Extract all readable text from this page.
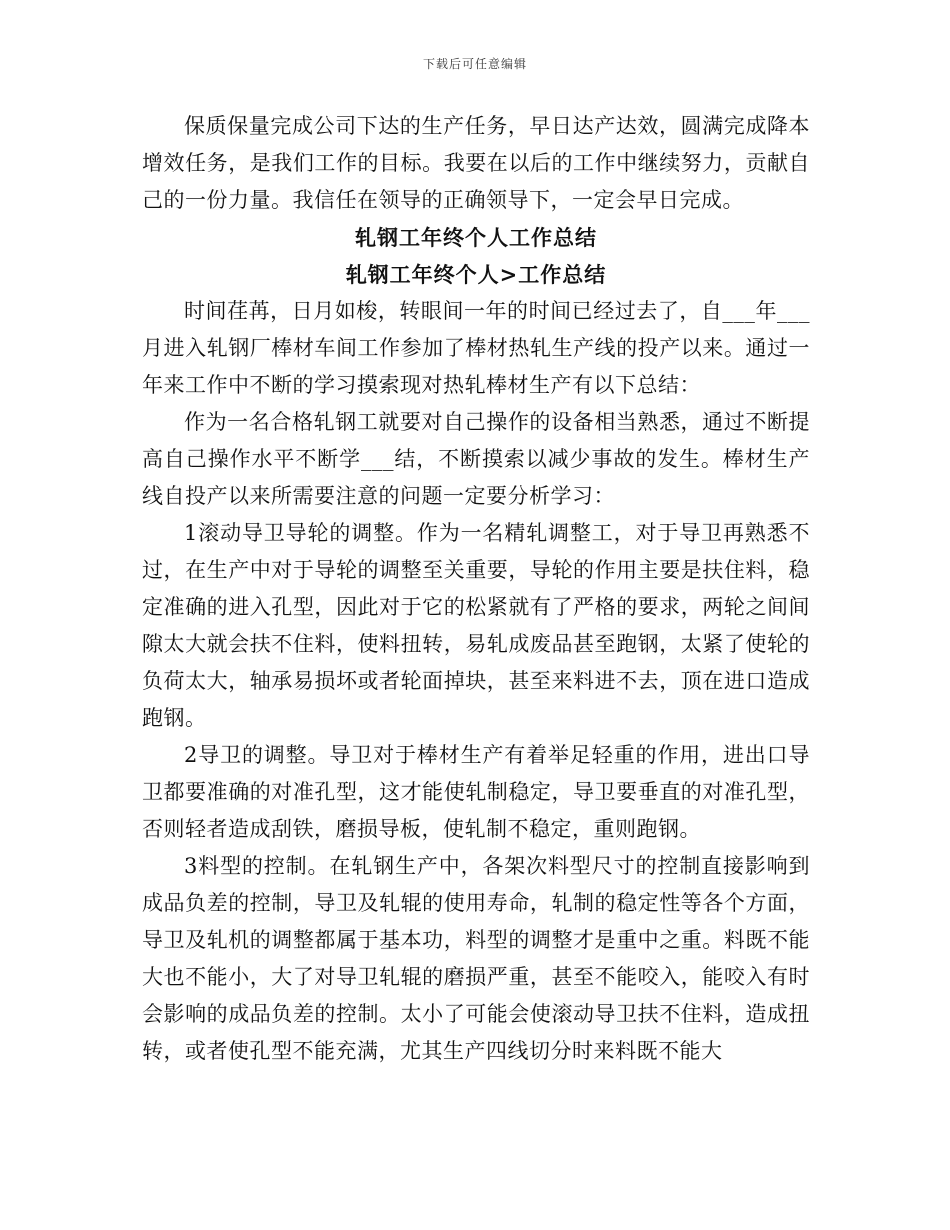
下载后可任意编辑

保质保量完成公司下达的生产任务，早日达产达效，圆满完成降本增效任务，是我们工作的目标。我要在以后的工作中继续努力，贡献自己的一份力量。我信任在领导的正确领导下，一定会早日完成。

轧钢工年终个人工作总结

轧钢工年终个人>工作总结

时间荏苒，日月如梭，转眼间一年的时间已经过去了，自___年___月进入轧钢厂棒材车间工作参加了棒材热轧生产线的投产以来。通过一年来工作中不断的学习摸索现对热轧棒材生产有以下总结：

作为一名合格轧钢工就要对自己操作的设备相当熟悉，通过不断提高自己操作水平不断学___结，不断摸索以减少事故的发生。棒材生产线自投产以来所需要注意的问题一定要分析学习：

1滚动导卫导轮的调整。作为一名精轧调整工，对于导卫再熟悉不过，在生产中对于导轮的调整至关重要，导轮的作用主要是扶住料，稳定准确的进入孔型，因此对于它的松紧就有了严格的要求，两轮之间间隙太大就会扶不住料，使料扭转，易轧成废品甚至跑钢，太紧了使轮的负荷太大，轴承易损坏或者轮面掉块，甚至来料进不去，顶在进口造成跑钢。

2导卫的调整。导卫对于棒材生产有着举足轻重的作用，进出口导卫都要准确的对准孔型，这才能使轧制稳定，导卫要垂直的对准孔型，否则轻者造成刮铁，磨损导板，使轧制不稳定，重则跑钢。

3料型的控制。在轧钢生产中，各架次料型尺寸的控制直接影响到成品负差的控制，导卫及轧辊的使用寿命，轧制的稳定性等各个方面，导卫及轧机的调整都属于基本功，料型的调整才是重中之重。料既不能大也不能小，大了对导卫轧辊的磨损严重，甚至不能咬入，能咬入有时会影响的成品负差的控制。太小了可能会使滚动导卫扶不住料，造成扭转，或者使孔型不能充满，尤其生产四线切分时来料既不能大
